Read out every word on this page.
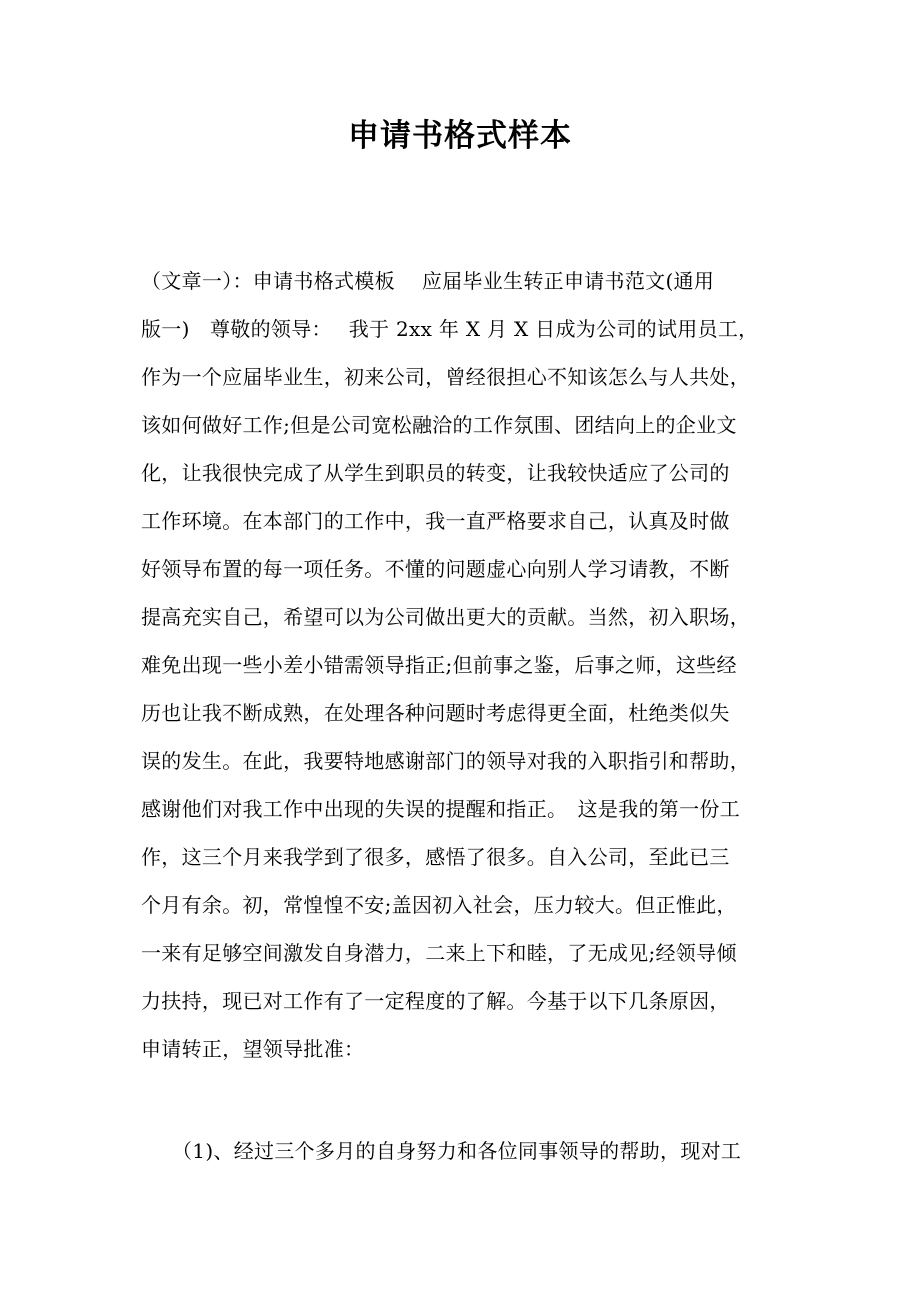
申请书格式样本
（文章一）：申请书格式模板　 应届毕业生转正申请书范文(通用
版一)　尊敬的领导：　 我于 2xx 年 X 月 X 日成为公司的试用员工，
作为一个应届毕业生，初来公司，曾经很担心不知该怎么与人共处，
该如何做好工作;但是公司宽松融洽的工作氛围、团结向上的企业文
化，让我很快完成了从学生到职员的转变，让我较快适应了公司的
工作环境。在本部门的工作中，我一直严格要求自己，认真及时做
好领导布置的每一项任务。不懂的问题虚心向别人学习请教，不断
提高充实自己，希望可以为公司做出更大的贡献。当然，初入职场，
难免出现一些小差小错需领导指正;但前事之鉴，后事之师，这些经
历也让我不断成熟，在处理各种问题时考虑得更全面，杜绝类似失
误的发生。在此，我要特地感谢部门的领导对我的入职指引和帮助，
感谢他们对我工作中出现的失误的提醒和指正。　这是我的第一份工
作，这三个月来我学到了很多，感悟了很多。自入公司，至此已三
个月有余。初，常惶惶不安;盖因初入社会，压力较大。但正惟此，
一来有足够空间激发自身潜力，二来上下和睦，了无成见;经领导倾
力扶持，现已对工作有了一定程度的了解。今基于以下几条原因，
申请转正，望领导批准：
（1)、经过三个多月的自身努力和各位同事领导的帮助，现对工
